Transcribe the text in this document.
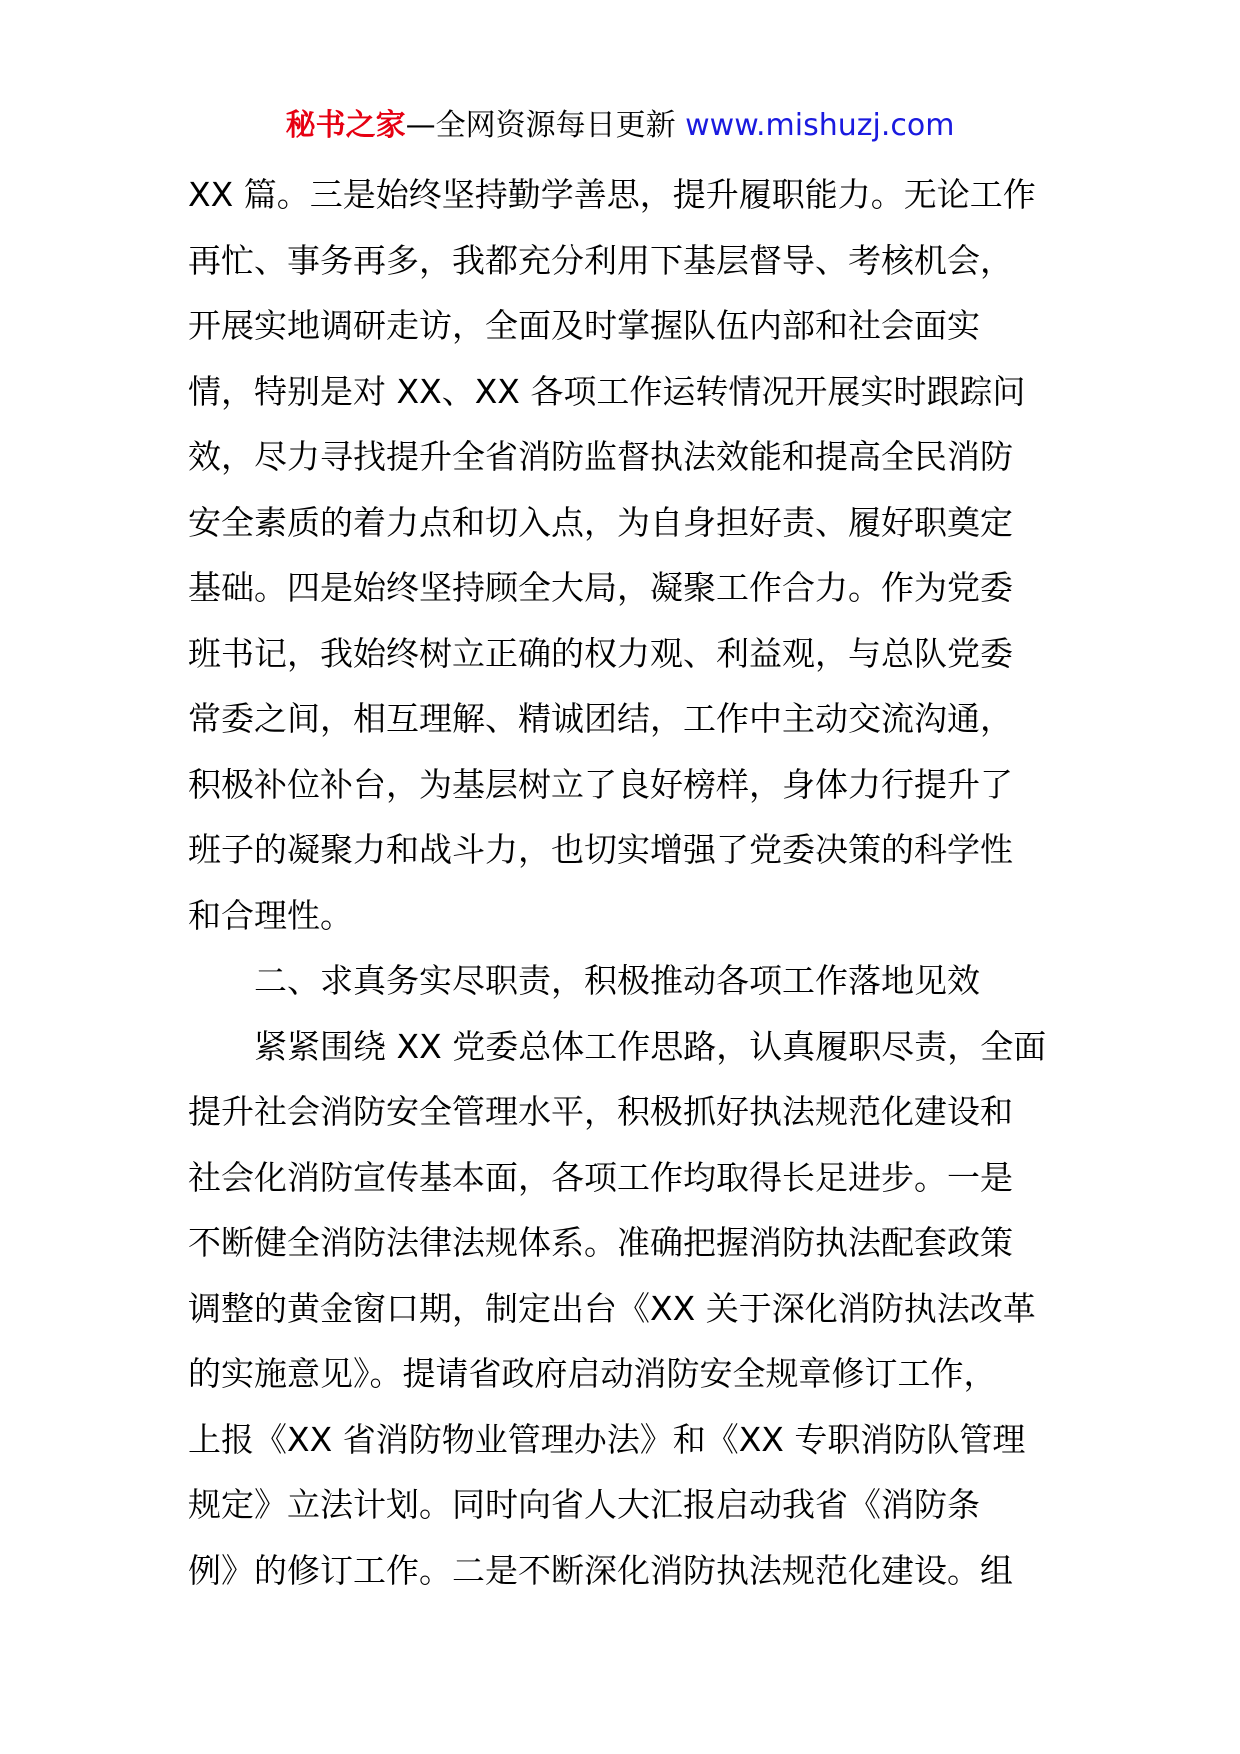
秘书之家—全网资源每日更新 www.mishuzj.com
XX 篇。三是始终坚持勤学善思，提升履职能力。无论工作
再忙、事务再多，我都充分利用下基层督导、考核机会，
开展实地调研走访，全面及时掌握队伍内部和社会面实
情，特别是对 XX、XX 各项工作运转情况开展实时跟踪问
效，尽力寻找提升全省消防监督执法效能和提高全民消防
安全素质的着力点和切入点，为自身担好责、履好职奠定
基础。四是始终坚持顾全大局，凝聚工作合力。作为党委
班书记，我始终树立正确的权力观、利益观，与总队党委
常委之间，相互理解、精诚团结，工作中主动交流沟通，
积极补位补台，为基层树立了良好榜样，身体力行提升了
班子的凝聚力和战斗力，也切实增强了党委决策的科学性
和合理性。
二、求真务实尽职责，积极推动各项工作落地见效
紧紧围绕 XX 党委总体工作思路，认真履职尽责，全面
提升社会消防安全管理水平，积极抓好执法规范化建设和
社会化消防宣传基本面，各项工作均取得长足进步。一是
不断健全消防法律法规体系。准确把握消防执法配套政策
调整的黄金窗口期，制定出台《XX 关于深化消防执法改革
的实施意见》。提请省政府启动消防安全规章修订工作，
上报《XX 省消防物业管理办法》和《XX 专职消防队管理
规定》立法计划。同时向省人大汇报启动我省《消防条
例》的修订工作。二是不断深化消防执法规范化建设。组
